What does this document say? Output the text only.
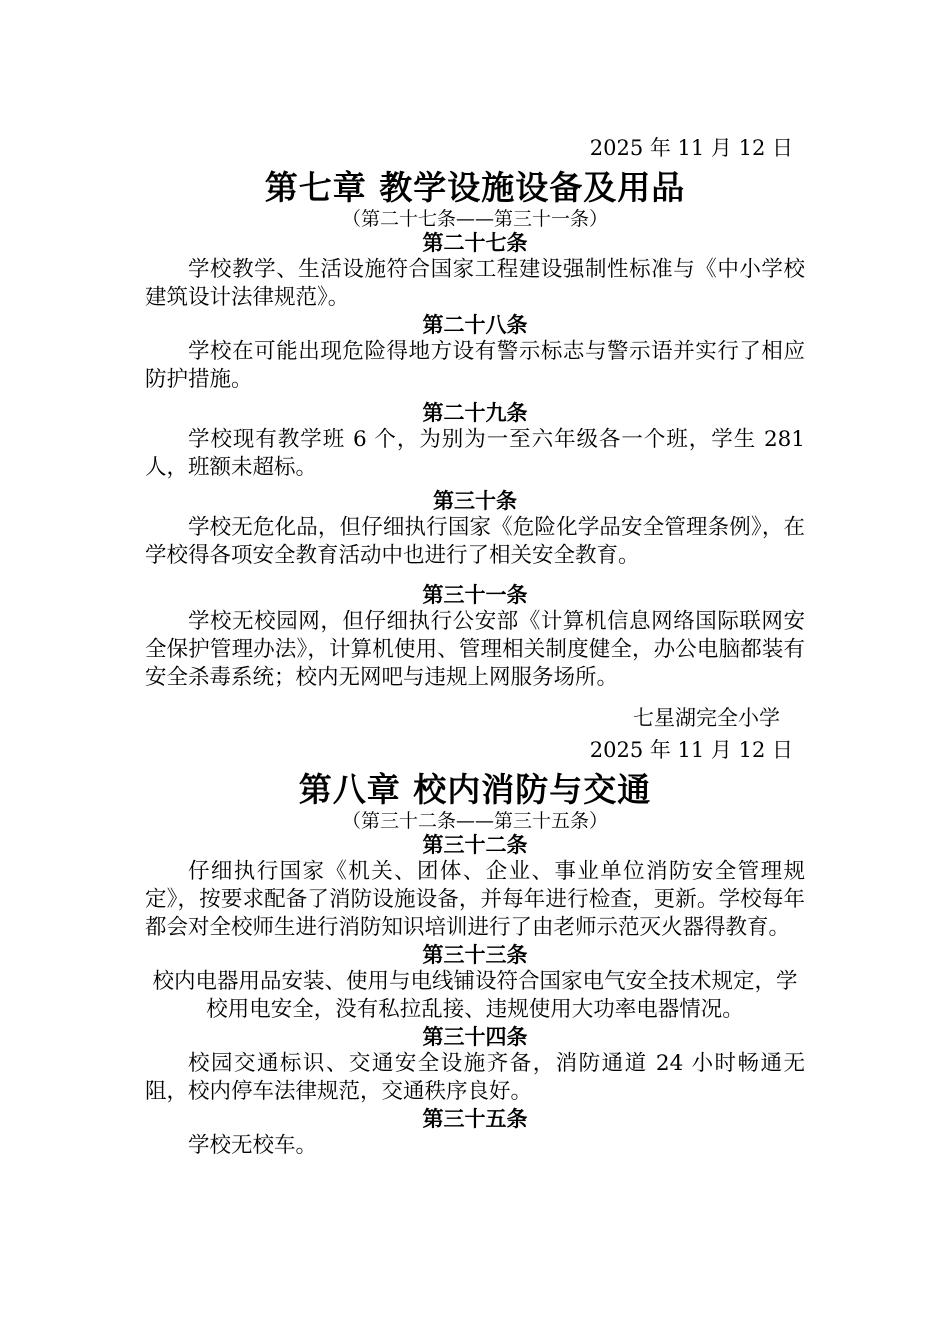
2025 年 11 月 12 日

第七章 教学设施设备及用品

（第二十七条——第三十一条）

第二十七条

学校教学、生活设施符合国家工程建设强制性标准与《中小学校建筑设计法律规范》。

第二十八条

学校在可能出现危险得地方设有警示标志与警示语并实行了相应防护措施。

第二十九条

学校现有教学班 6 个，为别为一至六年级各一个班，学生 281 人，班额未超标。

第三十条

学校无危化品，但仔细执行国家《危险化学品安全管理条例》，在学校得各项安全教育活动中也进行了相关安全教育。

第三十一条

学校无校园网，但仔细执行公安部《计算机信息网络国际联网安全保护管理办法》，计算机使用、管理相关制度健全，办公电脑都装有安全杀毒系统；校内无网吧与违规上网服务场所。

七星湖完全小学

2025 年 11 月 12 日

第八章 校内消防与交通

（第三十二条——第三十五条）

第三十二条

仔细执行国家《机关、团体、企业、事业单位消防安全管理规定》，按要求配备了消防设施设备，并每年进行检查，更新。学校每年都会对全校师生进行消防知识培训进行了由老师示范灭火器得教育。

第三十三条

校内电器用品安装、使用与电线铺设符合国家电气安全技术规定，学校用电安全，没有私拉乱接、违规使用大功率电器情况。

第三十四条

校园交通标识、交通安全设施齐备，消防通道 24 小时畅通无阻，校内停车法律规范，交通秩序良好。

第三十五条

学校无校车。
